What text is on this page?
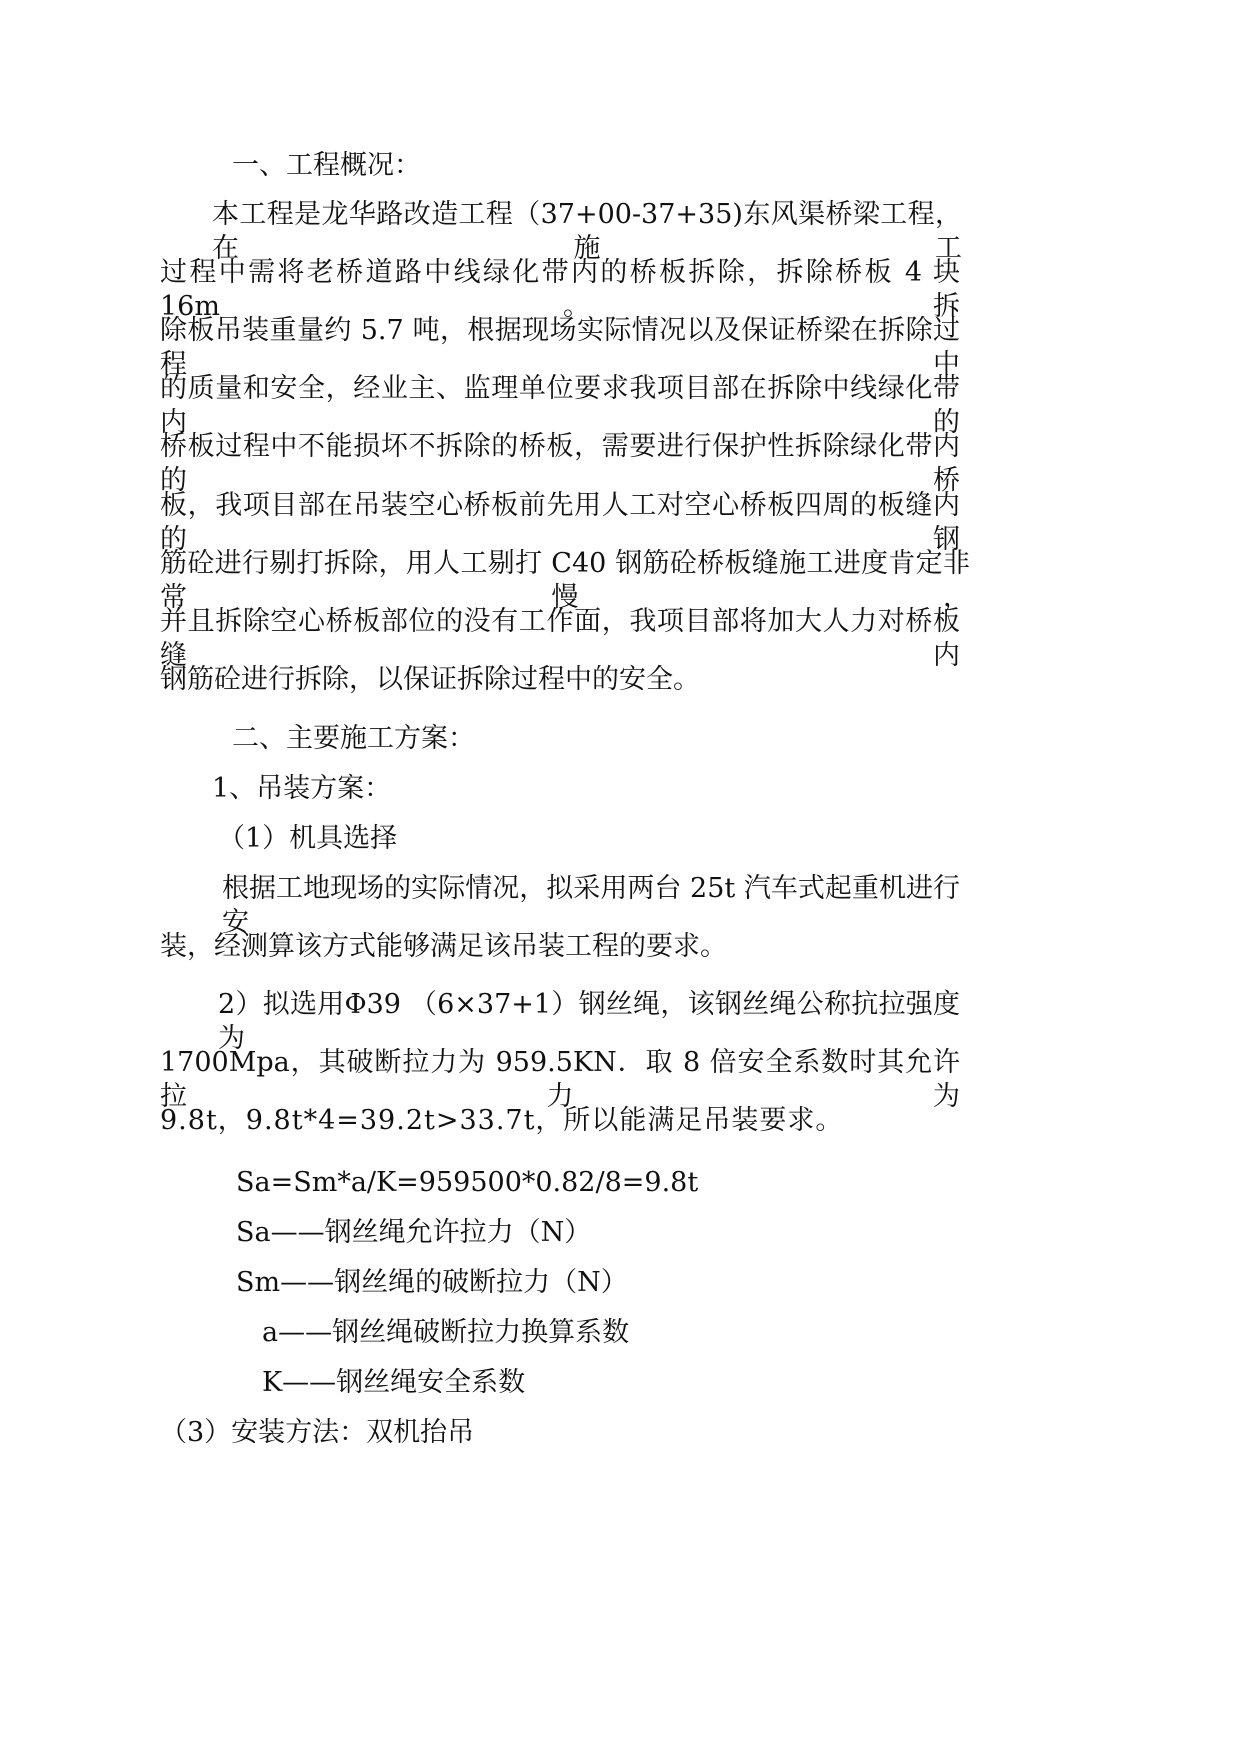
一、工程概况：
本工程是龙华路改造工程（37+00-37+35)东风渠桥梁工程，在施工
过程中需将老桥道路中线绿化带内的桥板拆除，拆除桥板 4 块 16m。拆
除板吊装重量约 5.7 吨，根据现场实际情况以及保证桥梁在拆除过程中
的质量和安全，经业主、监理单位要求我项目部在拆除中线绿化带内的
桥板过程中不能损坏不拆除的桥板，需要进行保护性拆除绿化带内的桥
板，我项目部在吊装空心桥板前先用人工对空心桥板四周的板缝内的钢
筋砼进行剔打拆除，用人工剔打 C40 钢筋砼桥板缝施工进度肯定非常慢，
并且拆除空心桥板部位的没有工作面，我项目部将加大人力对桥板缝内
钢筋砼进行拆除，以保证拆除过程中的安全。
二、主要施工方案：
1、吊装方案：
（1）机具选择
根据工地现场的实际情况，拟采用两台 25t 汽车式起重机进行安
装，经测算该方式能够满足该吊装工程的要求。
2）拟选用Φ39 （6×37+1）钢丝绳，该钢丝绳公称抗拉强度为
1700Mpa，其破断拉力为 959.5KN．取 8 倍安全系数时其允许拉力为
9.8t，9.8t*4=39.2t>33.7t，所以能满足吊装要求。
Sa=Sm*a/K=959500*0.82/8=9.8t
Sa——钢丝绳允许拉力（N）
Sm——钢丝绳的破断拉力（N）
a——钢丝绳破断拉力换算系数
K——钢丝绳安全系数
（3）安装方法：双机抬吊
